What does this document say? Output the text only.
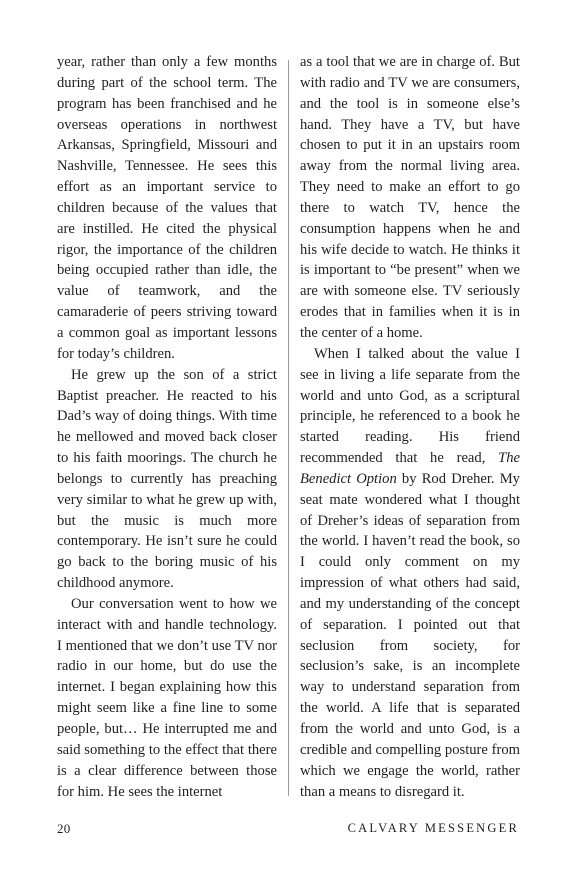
year, rather than only a few months during part of the school term. The program has been franchised and he overseas operations in northwest Arkansas, Springfield, Missouri and Nashville, Tennessee. He sees this effort as an important service to children because of the values that are instilled. He cited the physical rigor, the importance of the children being occupied rather than idle, the value of teamwork, and the camaraderie of peers striving toward a common goal as important lessons for today’s children.

He grew up the son of a strict Baptist preacher. He reacted to his Dad’s way of doing things. With time he mellowed and moved back closer to his faith moorings. The church he belongs to currently has preaching very similar to what he grew up with, but the music is much more contemporary. He isn’t sure he could go back to the boring music of his childhood anymore.

Our conversation went to how we interact with and handle technology. I mentioned that we don’t use TV nor radio in our home, but do use the internet. I began explaining how this might seem like a fine line to some people, but… He interrupted me and said something to the effect that there is a clear difference between those for him. He sees the internet

as a tool that we are in charge of. But with radio and TV we are consumers, and the tool is in someone else’s hand. They have a TV, but have chosen to put it in an upstairs room away from the normal living area. They need to make an effort to go there to watch TV, hence the consumption happens when he and his wife decide to watch. He thinks it is important to “be present” when we are with someone else. TV seriously erodes that in families when it is in the center of a home.

When I talked about the value I see in living a life separate from the world and unto God, as a scriptural principle, he referenced to a book he started reading. His friend recommended that he read, The Benedict Option by Rod Dreher. My seat mate wondered what I thought of Dreher’s ideas of separation from the world. I haven’t read the book, so I could only comment on my impression of what others had said, and my understanding of the concept of separation. I pointed out that seclusion from society, for seclusion’s sake, is an incomplete way to understand separation from the world. A life that is separated from the world and unto God, is a credible and compelling posture from which we engage the world, rather than a means to disregard it.

20	CALVARY MESSENGER
